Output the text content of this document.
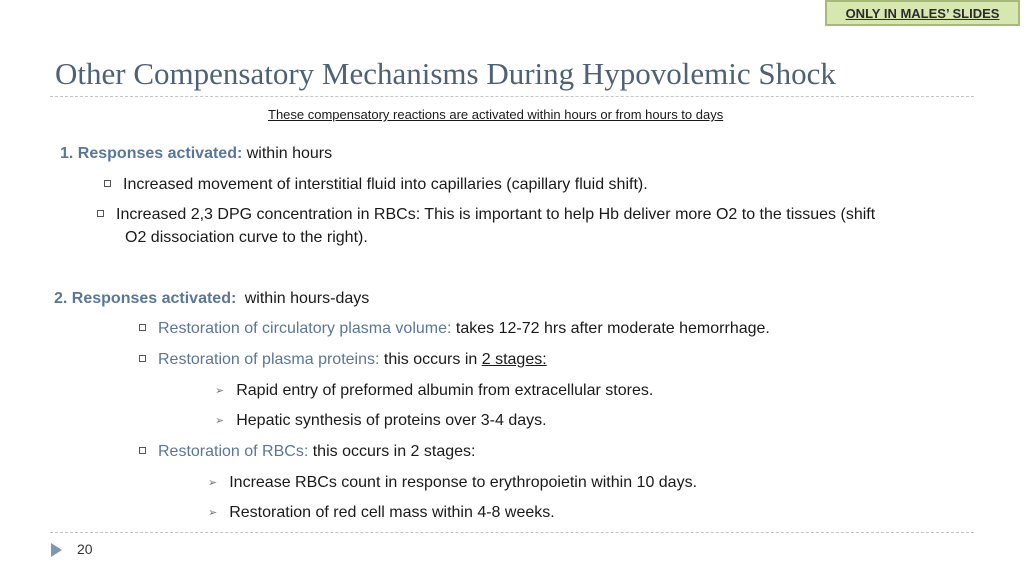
ONLY IN MALES’ SLIDES
Other Compensatory Mechanisms During Hypovolemic Shock
These compensatory reactions are activated within hours or from hours to days
1. Responses activated: within hours
Increased movement of interstitial fluid into capillaries (capillary fluid shift).
Increased 2,3 DPG concentration in RBCs: This is important to help Hb deliver more O2 to the tissues (shift
O2 dissociation curve to the right).
2. Responses activated: within hours-days
Restoration of circulatory plasma volume: takes 12-72 hrs after moderate hemorrhage.
Restoration of plasma proteins: this occurs in 2 stages:
➢ Rapid entry of preformed albumin from extracellular stores.
➢ Hepatic synthesis of proteins over 3-4 days.
Restoration of RBCs: this occurs in 2 stages:
➢ Increase RBCs count in response to erythropoietin within 10 days.
➢ Restoration of red cell mass within 4-8 weeks.
20
